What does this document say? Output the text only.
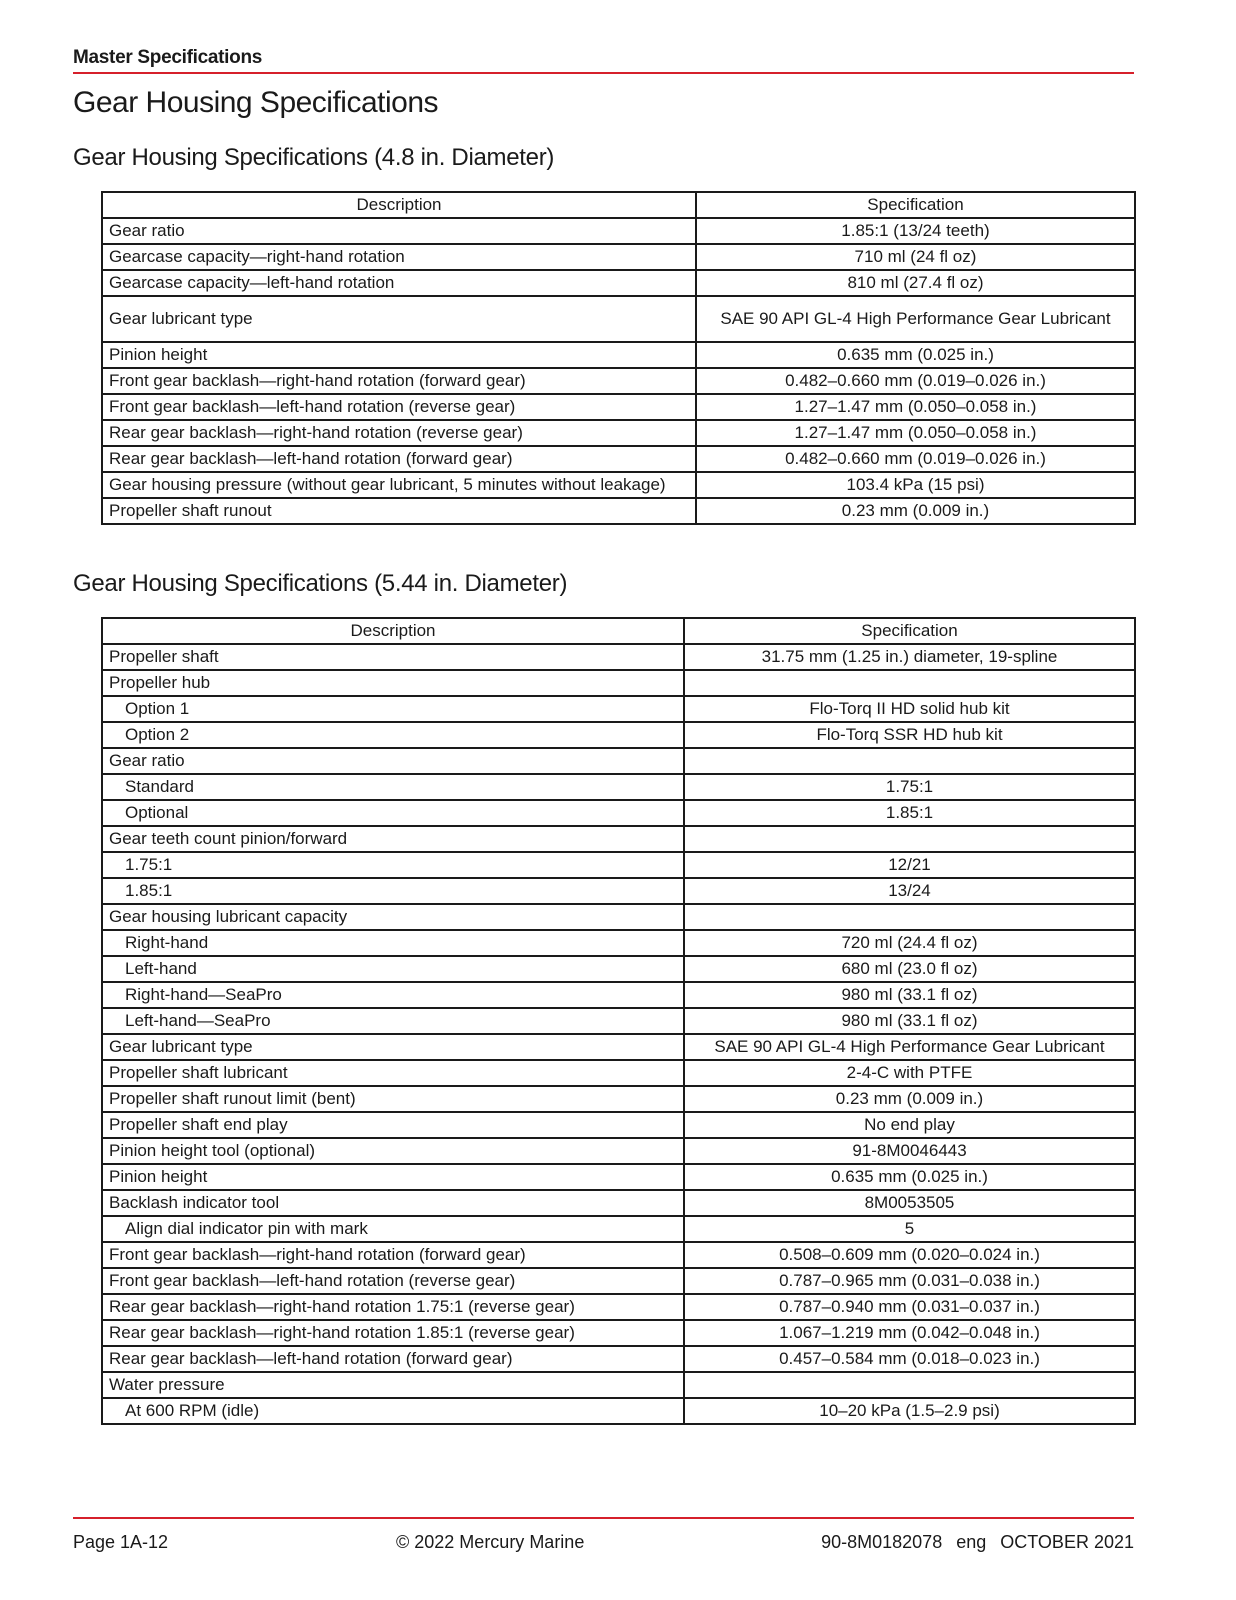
Master Specifications
Gear Housing Specifications
Gear Housing Specifications (4.8 in. Diameter)
Description	Specification
Gear ratio	1.85:1 (13/24 teeth)
Gearcase capacity—right-hand rotation	710 ml (24 fl oz)
Gearcase capacity—left-hand rotation	810 ml (27.4 fl oz)
Gear lubricant type	SAE 90 API GL-4 High Performance Gear Lubricant
Pinion height	0.635 mm (0.025 in.)
Front gear backlash—right-hand rotation (forward gear)	0.482–0.660 mm (0.019–0.026 in.)
Front gear backlash—left-hand rotation (reverse gear)	1.27–1.47 mm (0.050–0.058 in.)
Rear gear backlash—right-hand rotation (reverse gear)	1.27–1.47 mm (0.050–0.058 in.)
Rear gear backlash—left-hand rotation (forward gear)	0.482–0.660 mm (0.019–0.026 in.)
Gear housing pressure (without gear lubricant, 5 minutes without leakage)	103.4 kPa (15 psi)
Propeller shaft runout	0.23 mm (0.009 in.)
Gear Housing Specifications (5.44 in. Diameter)
Description	Specification
Propeller shaft	31.75 mm (1.25 in.) diameter, 19-spline
Propeller hub	
Option 1	Flo-Torq II HD solid hub kit
Option 2	Flo-Torq SSR HD hub kit
Gear ratio	
Standard	1.75:1
Optional	1.85:1
Gear teeth count pinion/forward	
1.75:1	12/21
1.85:1	13/24
Gear housing lubricant capacity	
Right-hand	720 ml (24.4 fl oz)
Left-hand	680 ml (23.0 fl oz)
Right-hand—SeaPro	980 ml (33.1 fl oz)
Left-hand—SeaPro	980 ml (33.1 fl oz)
Gear lubricant type	SAE 90 API GL-4 High Performance Gear Lubricant
Propeller shaft lubricant	2-4-C with PTFE
Propeller shaft runout limit (bent)	0.23 mm (0.009 in.)
Propeller shaft end play	No end play
Pinion height tool (optional)	91-8M0046443
Pinion height	0.635 mm (0.025 in.)
Backlash indicator tool	8M0053505
Align dial indicator pin with mark	5
Front gear backlash—right-hand rotation (forward gear)	0.508–0.609 mm (0.020–0.024 in.)
Front gear backlash—left-hand rotation (reverse gear)	0.787–0.965 mm (0.031–0.038 in.)
Rear gear backlash—right-hand rotation 1.75:1 (reverse gear)	0.787–0.940 mm (0.031–0.037 in.)
Rear gear backlash—right-hand rotation 1.85:1 (reverse gear)	1.067–1.219 mm (0.042–0.048 in.)
Rear gear backlash—left-hand rotation (forward gear)	0.457–0.584 mm (0.018–0.023 in.)
Water pressure	
At 600 RPM (idle)	10–20 kPa (1.5–2.9 psi)
Page 1A-12	© 2022 Mercury Marine	90-8M0182078 eng OCTOBER 2021
